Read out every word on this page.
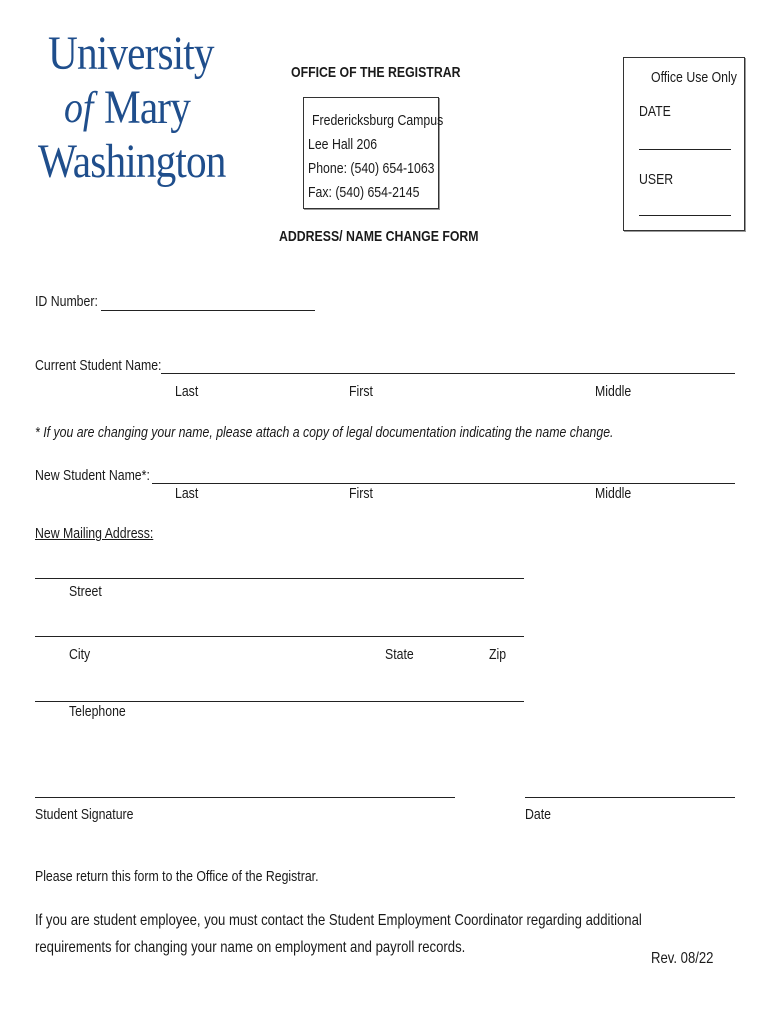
University
of Mary
Washington
OFFICE OF THE REGISTRAR
Fredericksburg Campus
Lee Hall 206
Phone: (540) 654-1063
Fax: (540) 654-2145
ADDRESS/ NAME CHANGE FORM
Office Use Only
DATE
USER
ID Number:
Current Student Name:
Last	First	Middle
* If you are changing your name, please attach a copy of legal documentation indicating the name change.
New Student Name*:
Last	First	Middle
New Mailing Address:
Street
City	State	Zip
Telephone
Student Signature	Date
Please return this form to the Office of the Registrar.
If you are student employee, you must contact the Student Employment Coordinator regarding additional
requirements for changing your name on employment and payroll records.
Rev. 08/22
